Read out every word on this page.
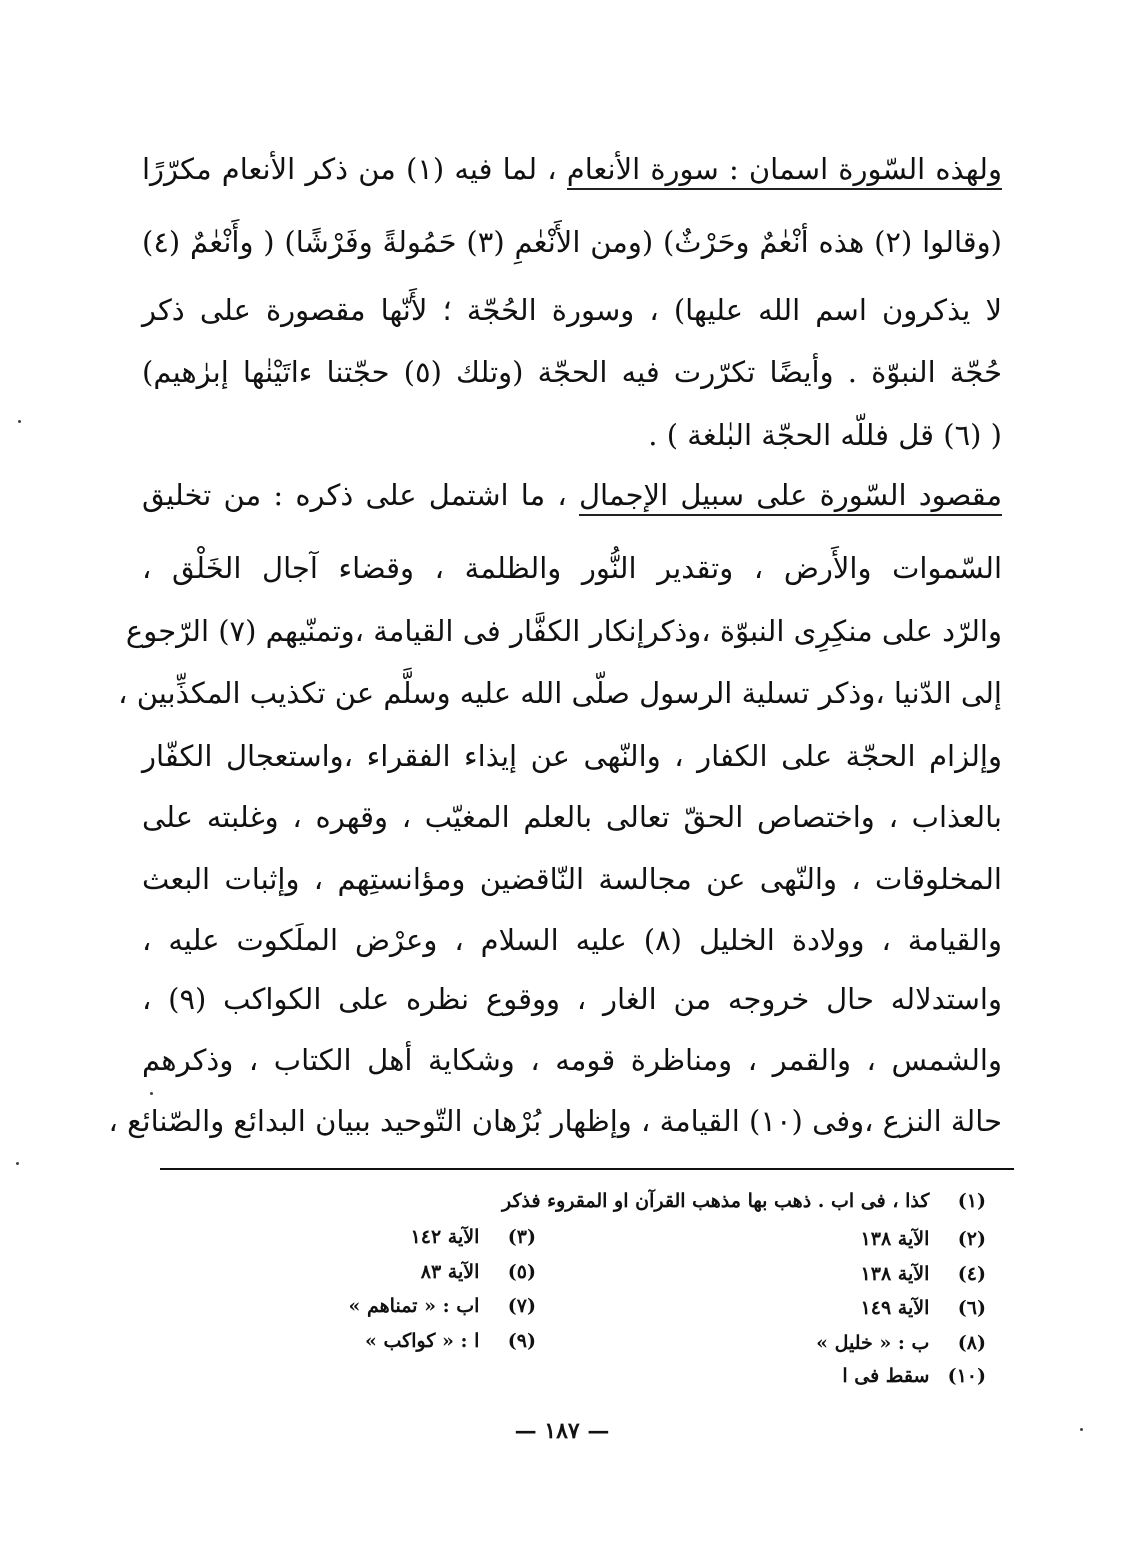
ولهذه السّورة اسمان : سورة الأنعام ، لما فيه (١) من ذكر الأنعام مكرّرًا
(وقالوا (٢) هذه أنْعٰمٌ وحَرْثٌ) (ومن الأَنْعٰمِ (٣) حَمُولةً وفَرْشًا) ( وأَنْعٰمٌ (٤)
لا يذكرون اسم الله عليها) ، وسورة الحُجّة ؛ لأَنّها مقصورة على ذكر
حُجّة النبوّة . وأيضًا تكرّرت فيه الحجّة (وتلك (٥) حجّتنا ءاتَيْنٰها إبرٰهيم)
( (٦) قل فللّه الحجّة البٰلغة ) .
مقصود السّورة على سبيل الإجمال ، ما اشتمل على ذكره : من تخليق
السّموات والأَرض ، وتقدير النُّور والظلمة ، وقضاء آجال الخَلْق ،
والرّد على منكِرِى النبوّة ،وذكرإنكار الكفَّار فى القيامة ،وتمنّيهم (٧) الرّجوع
إلى الدّنيا ،وذكر تسلية الرسول صلّى الله عليه وسلَّم عن تكذيب المكذِّبين ،
وإلزام الحجّة على الكفار ، والنّهى عن إيذاء الفقراء ،واستعجال الكفّار
بالعذاب ، واختصاص الحقّ تعالى بالعلم المغيّب ، وقهره ، وغلبته على
المخلوقات ، والنّهى عن مجالسة النّاقضين ومؤانستِهم ، وإثبات البعث
والقيامة ، وولادة الخليل (٨) عليه السلام ، وعرْض الملَكوت عليه ،
واستدلاله حال خروجه من الغار ، ووقوع نظره على الكواكب (٩) ،
والشمس ، والقمر ، ومناظرة قومه ، وشكاية أهل الكتاب ، وذكرهم
حالة النزع ،وفى (١٠) القيامة ، وإظهار بُرْهان التّوحيد ببيان البدائع والصّنائع ،
(١) كذا ، فى اب . ذهب بها مذهب القرآن او المقروء فذكر
(٢) الآية ١٣٨
(٣) الآية ١٤٢
(٤) الآية ١٣٨
(٥) الآية ٨٣
(٦) الآية ١٤٩
(٧) اب : « تمناهم »
(٨) ب : « خليل »
(٩) ا : « كواكب »
(١٠) سقط فى ا
— ١٨٧ —
